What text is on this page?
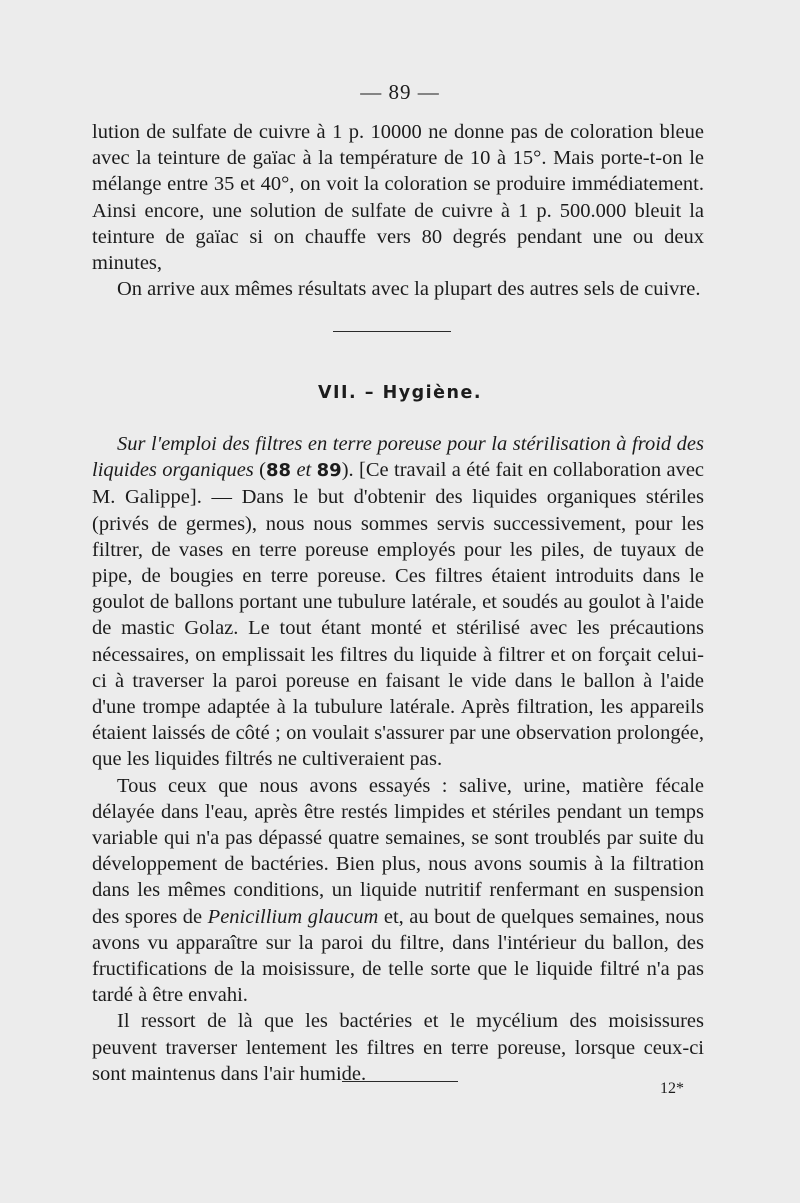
— 89 —

lution de sulfate de cuivre à 1 p. 10000 ne donne pas de coloration bleue avec la teinture de gaïac à la température de 10 à 15°. Mais porte-t-on le mélange entre 35 et 40°, on voit la coloration se produire immédiatement. Ainsi encore, une solution de sulfate de cuivre à 1 p. 500.000 bleuit la teinture de gaïac si on chauffe vers 80 degrés pendant une ou deux minutes,

On arrive aux mêmes résultats avec la plupart des autres sels de cuivre.

VII. – Hygiène.

Sur l'emploi des filtres en terre poreuse pour la stérilisation à froid des liquides organiques (88 et 89). [Ce travail a été fait en collaboration avec M. Galippe]. — Dans le but d'obtenir des liquides organiques stériles (privés de germes), nous nous sommes servis successivement, pour les filtrer, de vases en terre poreuse employés pour les piles, de tuyaux de pipe, de bougies en terre poreuse. Ces filtres étaient introduits dans le goulot de ballons portant une tubulure latérale, et soudés au goulot à l'aide de mastic Golaz. Le tout étant monté et stérilisé avec les précautions nécessaires, on emplissait les filtres du liquide à filtrer et on forçait celui-ci à traverser la paroi poreuse en faisant le vide dans le ballon à l'aide d'une trompe adaptée à la tubulure latérale. Après filtration, les appareils étaient laissés de côté ; on voulait s'assurer par une observation prolongée, que les liquides filtrés ne cultiveraient pas.

Tous ceux que nous avons essayés : salive, urine, matière fécale délayée dans l'eau, après être restés limpides et stériles pendant un temps variable qui n'a pas dépassé quatre semaines, se sont troublés par suite du développement de bactéries. Bien plus, nous avons soumis à la filtration dans les mêmes conditions, un liquide nutritif renfermant en suspension des spores de Penicillium glaucum et, au bout de quelques semaines, nous avons vu apparaître sur la paroi du filtre, dans l'intérieur du ballon, des fructifications de la moisissure, de telle sorte que le liquide filtré n'a pas tardé à être envahi.

Il ressort de là que les bactéries et le mycélium des moisissures peuvent traverser lentement les filtres en terre poreuse, lorsque ceux-ci sont maintenus dans l'air humide.

12*
